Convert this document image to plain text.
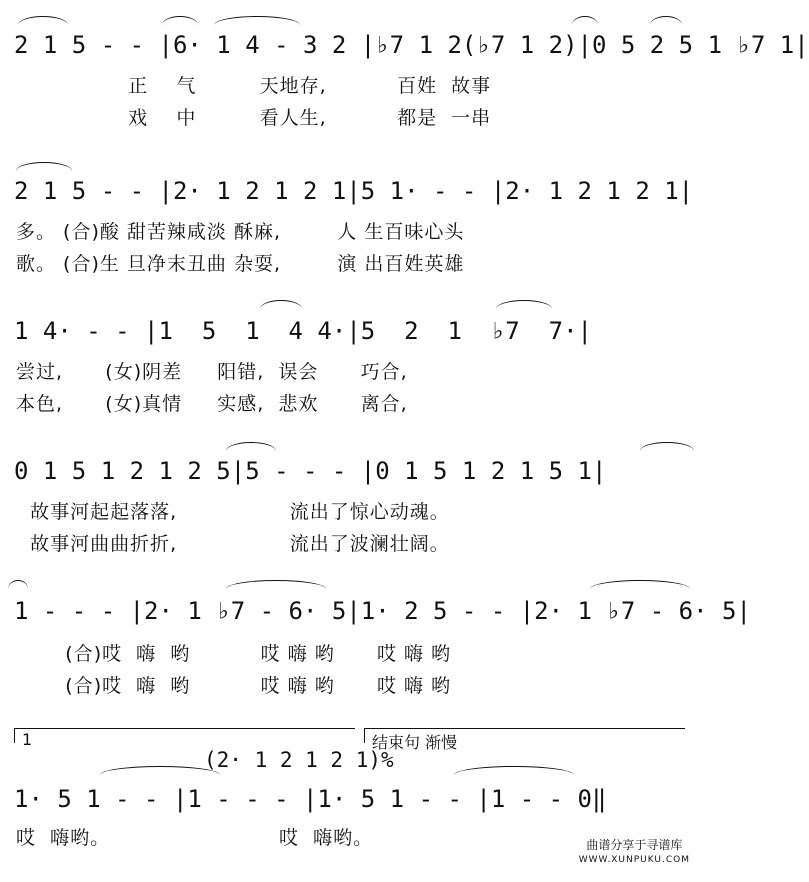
2 1 5 - - |6· 1 4 - 3 2 |♭7 1 2(♭7 1 2)|0 5 2 5 1 ♭7 1|
正    气         天地存,          百姓  故事
戏    中         看人生,          都是  一串
2 1 5 - - |2· 1 2 1 2 1|5 1· - - |2· 1 2 1 2 1|
多。 (合)酸 甜苦辣咸淡 酥麻,        人 生百味心头
歌。 (合)生 旦净末丑曲 杂耍,        演 出百姓英雄
1 4· - - |1  5  1  4 4·|5  2  1  ♭7  7·|
尝过,      (女)阴差     阳错,  误会      巧合,
本色,      (女)真情     实感,  悲欢      离合,
0 1 5 1 2 1 2 5|5 - - - |0 1 5 1 2 1 5 1|
故事河起起落落,                流出了惊心动魂。
故事河曲曲折折,                流出了波澜壮阔。
1 - - - |2· 1 ♭7 - 6· 5|1· 2 5 - - |2· 1 ♭7 - 6· 5|
(合)哎  嗨  哟          哎 嗨 哟      哎 嗨 哟
(合)哎  嗨  哟          哎 嗨 哟      哎 嗨 哟
1	结束句 渐慢
(2· 1 2 1 2 1)%
1· 5 1 - - |1 - - - |1· 5 1 - - |1 - - 0‖
哎  嗨哟。                        哎  嗨哟。	曲谱分享于寻谱库
WWW.XUNPUKU.COM
